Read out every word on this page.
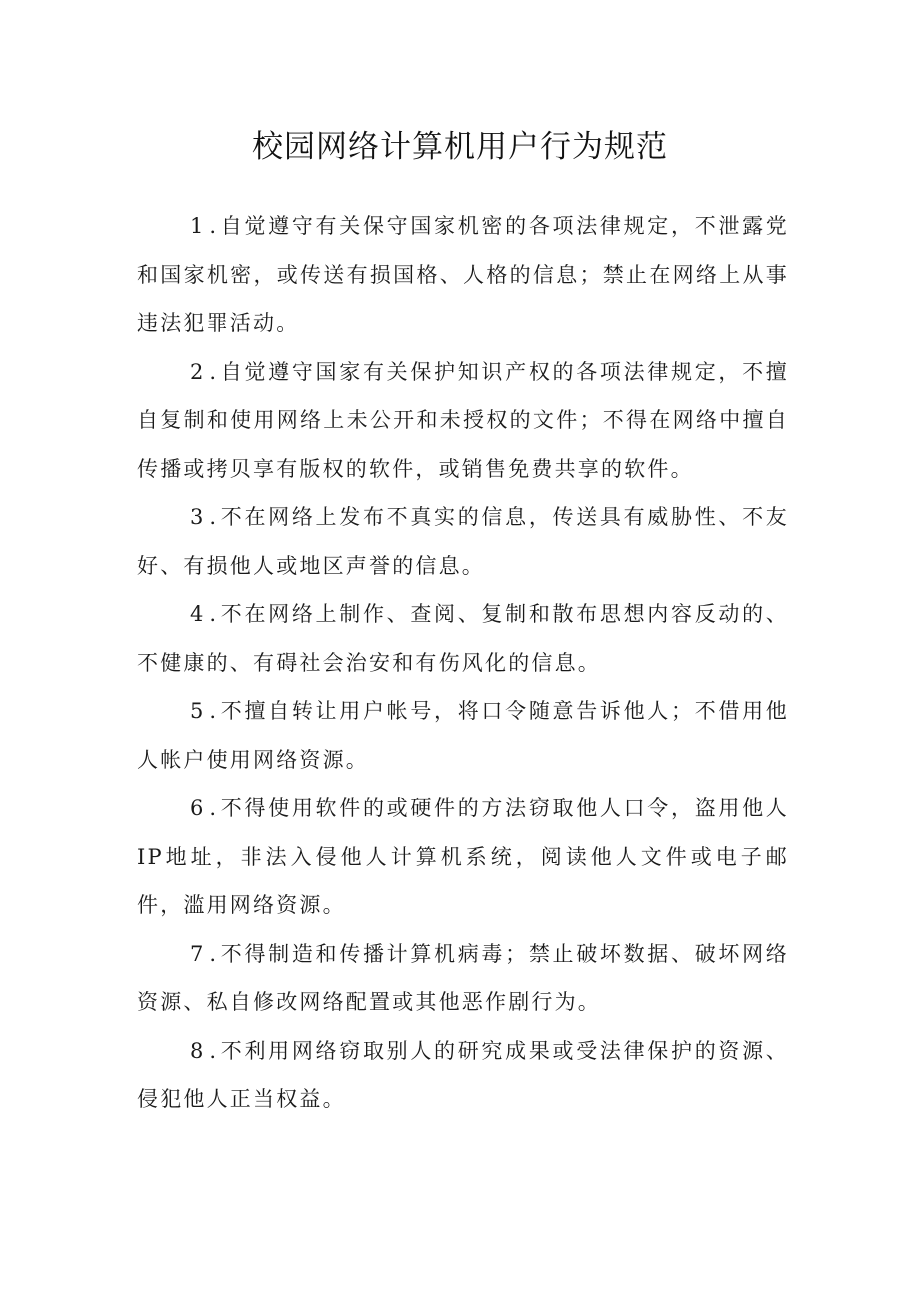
校园网络计算机用户行为规范

1 .自觉遵守有关保守国家机密的各项法律规定，不泄露党和国家机密，或传送有损国格、人格的信息；禁止在网络上从事违法犯罪活动。

2 .自觉遵守国家有关保护知识产权的各项法律规定，不擅自复制和使用网络上未公开和未授权的文件；不得在网络中擅自传播或拷贝享有版权的软件，或销售免费共享的软件。

3 .不在网络上发布不真实的信息，传送具有威胁性、不友好、有损他人或地区声誉的信息。

4 .不在网络上制作、查阅、复制和散布思想内容反动的、不健康的、有碍社会治安和有伤风化的信息。

5 .不擅自转让用户帐号，将口令随意告诉他人；不借用他人帐户使用网络资源。

6 .不得使用软件的或硬件的方法窃取他人口令，盗用他人IP地址，非法入侵他人计算机系统，阅读他人文件或电子邮件，滥用网络资源。

7 .不得制造和传播计算机病毒；禁止破坏数据、破坏网络资源、私自修改网络配置或其他恶作剧行为。

8 .不利用网络窃取别人的研究成果或受法律保护的资源、侵犯他人正当权益。
